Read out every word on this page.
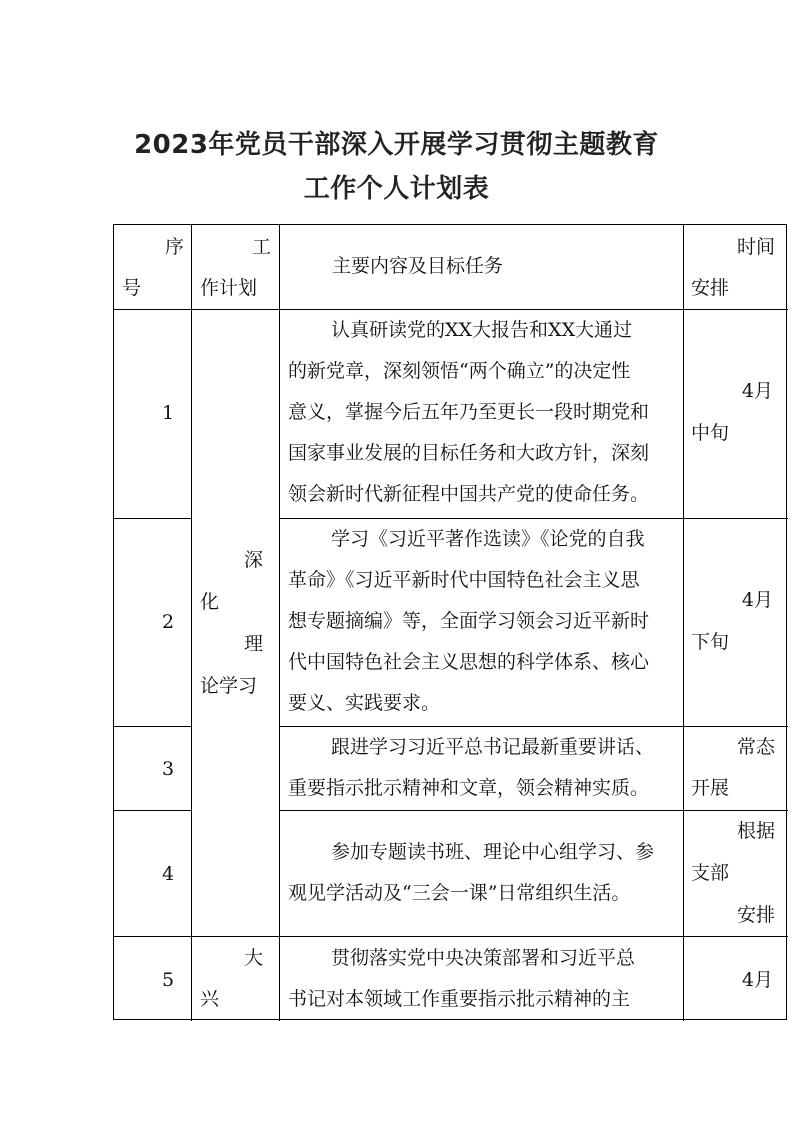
2023年党员干部深入开展学习贯彻主题教育
工作个人计划表
序
号
工
作计划
主要内容及目标任务
时间
安排
深
化
理
论学习
1
认真研读党的XX大报告和XX大通过
的新党章，深刻领悟“两个确立”的决定性
意义，掌握今后五年乃至更长一段时期党和
国家事业发展的目标任务和大政方针，深刻
领会新时代新征程中国共产党的使命任务。
4月
中旬
2
学习《习近平著作选读》《论党的自我
革命》《习近平新时代中国特色社会主义思
想专题摘编》等，全面学习领会习近平新时
代中国特色社会主义思想的科学体系、核心
要义、实践要求。
4月
下旬
3
跟进学习习近平总书记最新重要讲话、
重要指示批示精神和文章，领会精神实质。
常态
开展
4
参加专题读书班、理论中心组学习、参
观见学活动及“三会一课”日常组织生活。
根据
支部
安排
5
大
兴
贯彻落实党中央决策部署和习近平总
书记对本领域工作重要指示批示精神的主
4月
